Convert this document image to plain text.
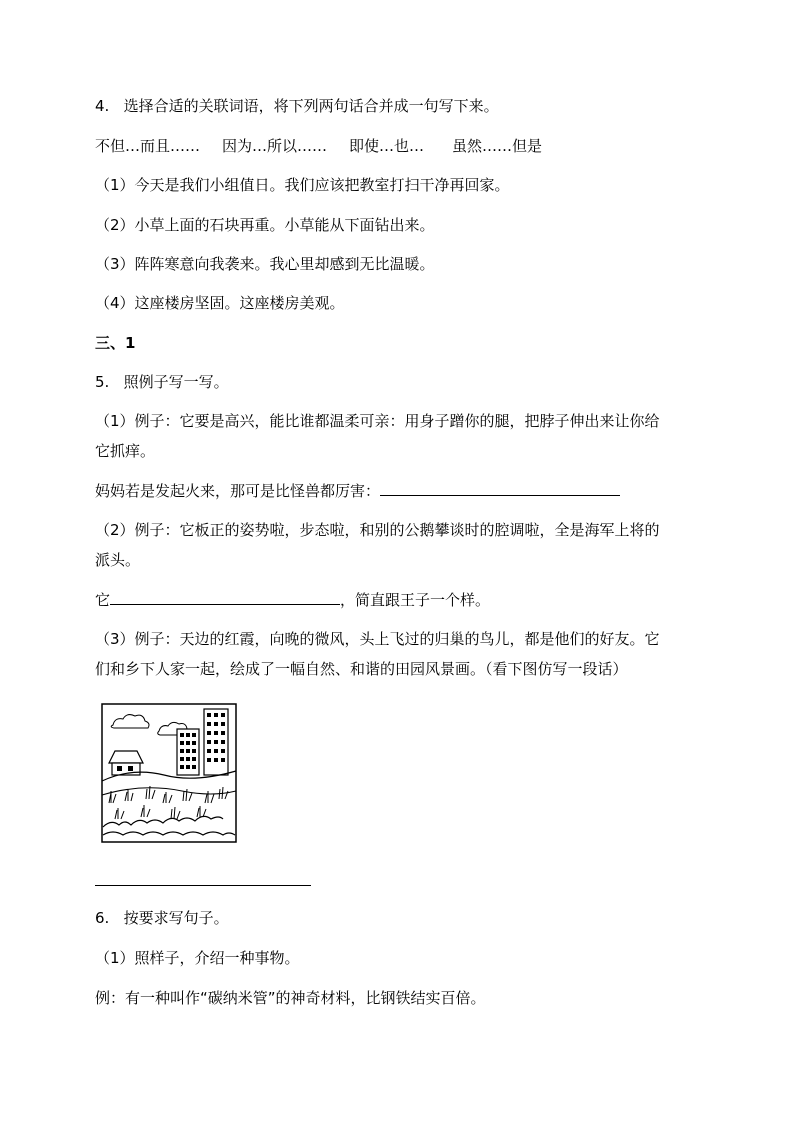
4.   选择合适的关联词语，将下列两句话合并成一句写下来。
不但…而且…… 因为…所以…… 即使…也… 虽然……但是
（1）今天是我们小组值日。我们应该把教室打扫干净再回家。
（2）小草上面的石块再重。小草能从下面钻出来。
（3）阵阵寒意向我袭来。我心里却感到无比温暖。
（4）这座楼房坚固。这座楼房美观。
三、1
5.   照例子写一写。
（1）例子：它要是高兴，能比谁都温柔可亲：用身子蹭你的腿，把脖子伸出来让你给
它抓痒。
妈妈若是发起火来，那可是比怪兽都厉害：
（2）例子：它板正的姿势啦，步态啦，和别的公鹅攀谈时的腔调啦，全是海军上将的
派头。
它	，简直跟王子一个样。
（3）例子：天边的红霞，向晚的微风，头上飞过的归巢的鸟儿，都是他们的好友。它
们和乡下人家一起，绘成了一幅自然、和谐的田园风景画。（看下图仿写一段话）
6.   按要求写句子。
（1）照样子，介绍一种事物。
例：有一种叫作“碳纳米管”的神奇材料，比钢铁结实百倍。
